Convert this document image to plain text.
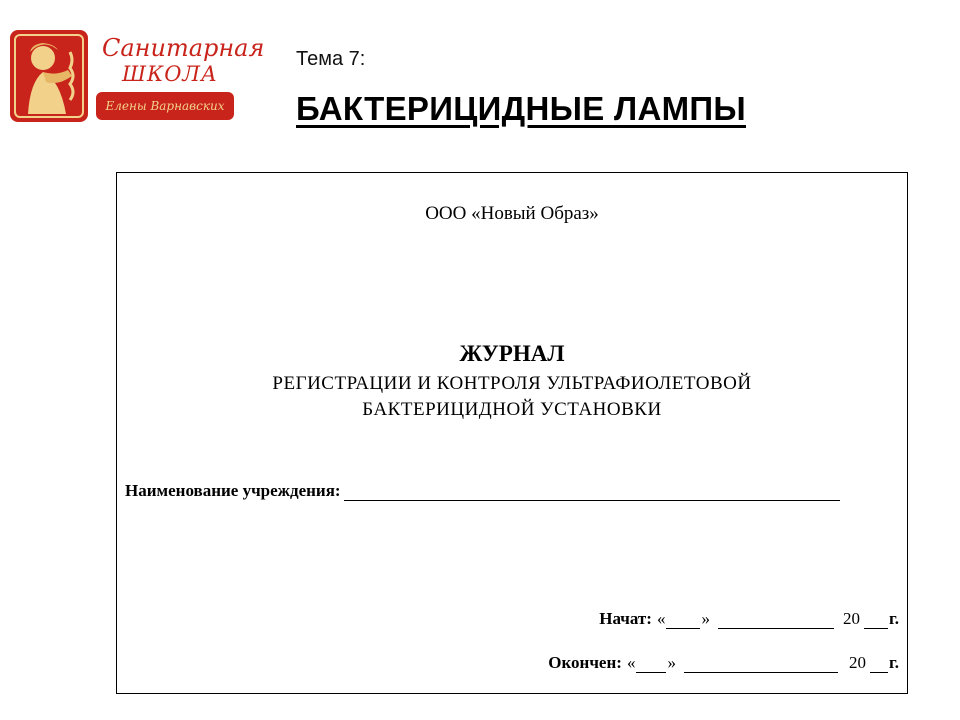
Санитарная
ШКОЛА
Елены Варнавских
Тема 7:
БАКТЕРИЦИДНЫЕ ЛАМПЫ
ООО «Новый Образ»
ЖУРНАЛ
РЕГИСТРАЦИИ И КОНТРОЛЯ УЛЬТРАФИОЛЕТОВОЙ
БАКТЕРИЦИДНОЙ УСТАНОВКИ
Наименование учреждения:
Начат: « »	20 г.
Окончен: « »	20 г.
